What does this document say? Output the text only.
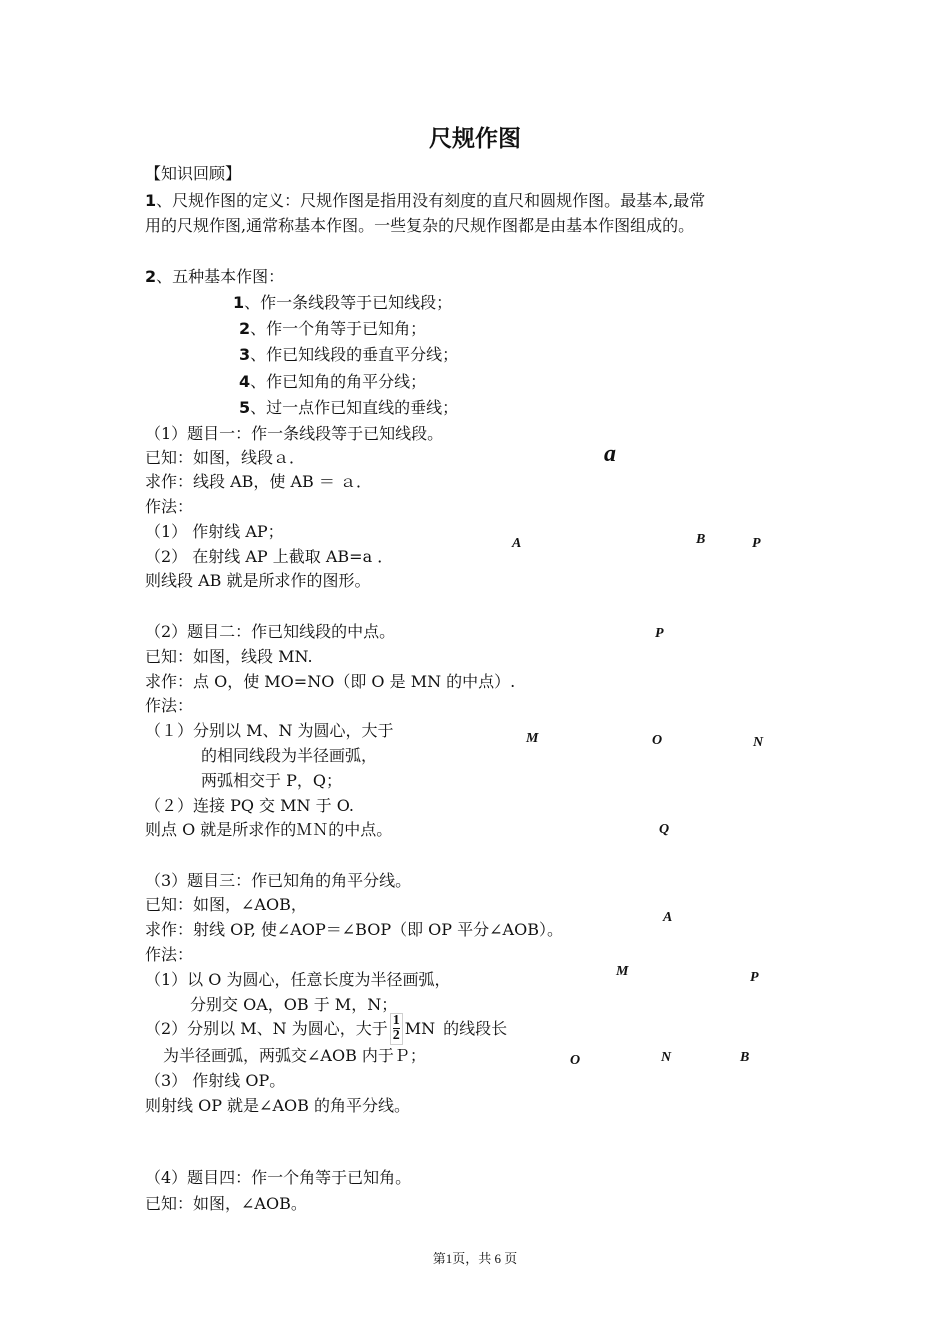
尺规作图
【知识回顾】
1、尺规作图的定义：尺规作图是指用没有刻度的直尺和圆规作图。最基本,最常
用的尺规作图,通常称基本作图。一些复杂的尺规作图都是由基本作图组成的。
2、五种基本作图：
1、作一条线段等于已知线段；
2、作一个角等于已知角；
3、作已知线段的垂直平分线；
4、作已知角的角平分线；
5、过一点作已知直线的垂线；
（1）题目一：作一条线段等于已知线段。
已知：如图，线段ａ．
求作：线段 AB，使 AB ＝ ａ．
作法：
（1） 作射线 AP；
（2） 在射线 AP 上截取 AB=a ．
则线段 AB 就是所求作的图形。
a
A	B	P
（2）题目二：作已知线段的中点。
已知：如图，线段 MN.
求作：点 O，使 MO=NO（即 O 是 MN 的中点）.
作法：
（１）分别以 M、N 为圆心，大于
的相同线段为半径画弧，
两弧相交于 P，Q；
（２）连接 PQ 交 MN 于 O.
则点 O 就是所求作的ＭＮ的中点。
P
M	O	N
Q
（3）题目三：作已知角的角平分线。
已知：如图，∠AOB，
求作：射线 OP, 使∠AOP＝∠BOP（即 OP 平分∠AOB）。
作法：
（1）以 O 为圆心，任意长度为半径画弧，
分别交 OA，OB 于 M，N；
（2）分别以 M、N 为圆心，大于 $\frac{1}{2}$ MN 的线段长
为半径画弧，两弧交∠AOB 内于Ｐ；
（3） 作射线 OP。
则射线 OP 就是∠AOB 的角平分线。
A
M	P
O	N	B
（4）题目四：作一个角等于已知角。
已知：如图，∠AOB。
第1页，共 6 页
